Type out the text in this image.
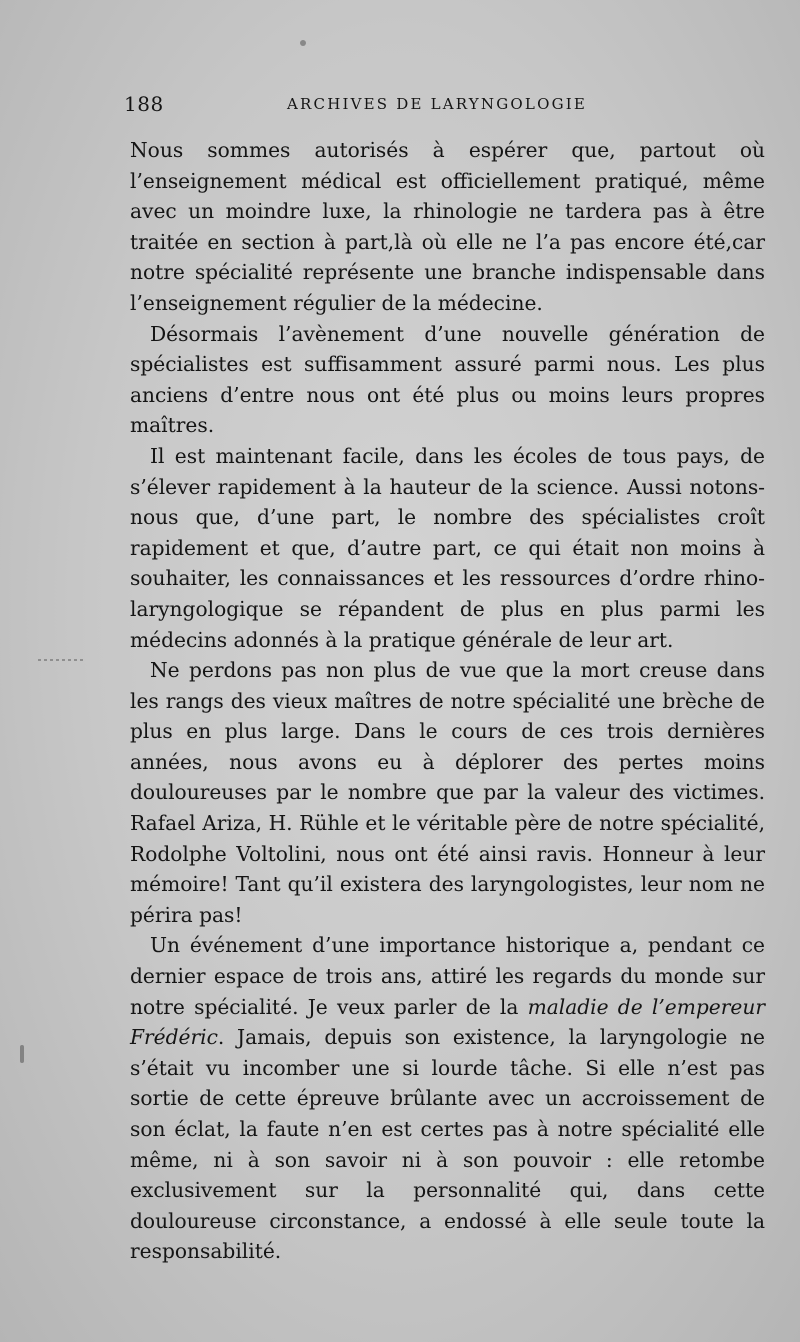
188	ARCHIVES DE LARYNGOLOGIE

Nous sommes autorisés à espérer que, partout où l’enseignement médical est officiellement pratiqué, même avec un moindre luxe, la rhinologie ne tardera pas à être traitée en section à part,là où elle ne l’a pas encore été,car notre spécialité représente une branche indispensable dans l’enseignement régulier de la médecine.

Désormais l’avènement d’une nouvelle génération de spécialistes est suffisamment assuré parmi nous. Les plus anciens d’entre nous ont été plus ou moins leurs propres maîtres.

Il est maintenant facile, dans les écoles de tous pays, de s’élever rapidement à la hauteur de la science. Aussi notons-nous que, d’une part, le nombre des spécialistes croît rapidement et que, d’autre part, ce qui était non moins à souhaiter, les connaissances et les ressources d’ordre rhino-laryngologique se répandent de plus en plus parmi les médecins adonnés à la pratique générale de leur art.

Ne perdons pas non plus de vue que la mort creuse dans les rangs des vieux maîtres de notre spécialité une brèche de plus en plus large. Dans le cours de ces trois dernières années, nous avons eu à déplorer des pertes moins douloureuses par le nombre que par la valeur des victimes. Rafael Ariza, H. Rühle et le véritable père de notre spécialité, Rodolphe Voltolini, nous ont été ainsi ravis. Honneur à leur mémoire! Tant qu’il existera des laryngologistes, leur nom ne périra pas!

Un événement d’une importance historique a, pendant ce dernier espace de trois ans, attiré les regards du monde sur notre spécialité. Je veux parler de la maladie de l’empereur Frédéric. Jamais, depuis son existence, la laryngologie ne s’était vu incomber une si lourde tâche. Si elle n’est pas sortie de cette épreuve brûlante avec un accroissement de son éclat, la faute n’en est certes pas à notre spécialité elle même, ni à son savoir ni à son pouvoir : elle retombe exclusivement sur la personnalité qui, dans cette douloureuse circonstance, a endossé à elle seule toute la responsabilité.
